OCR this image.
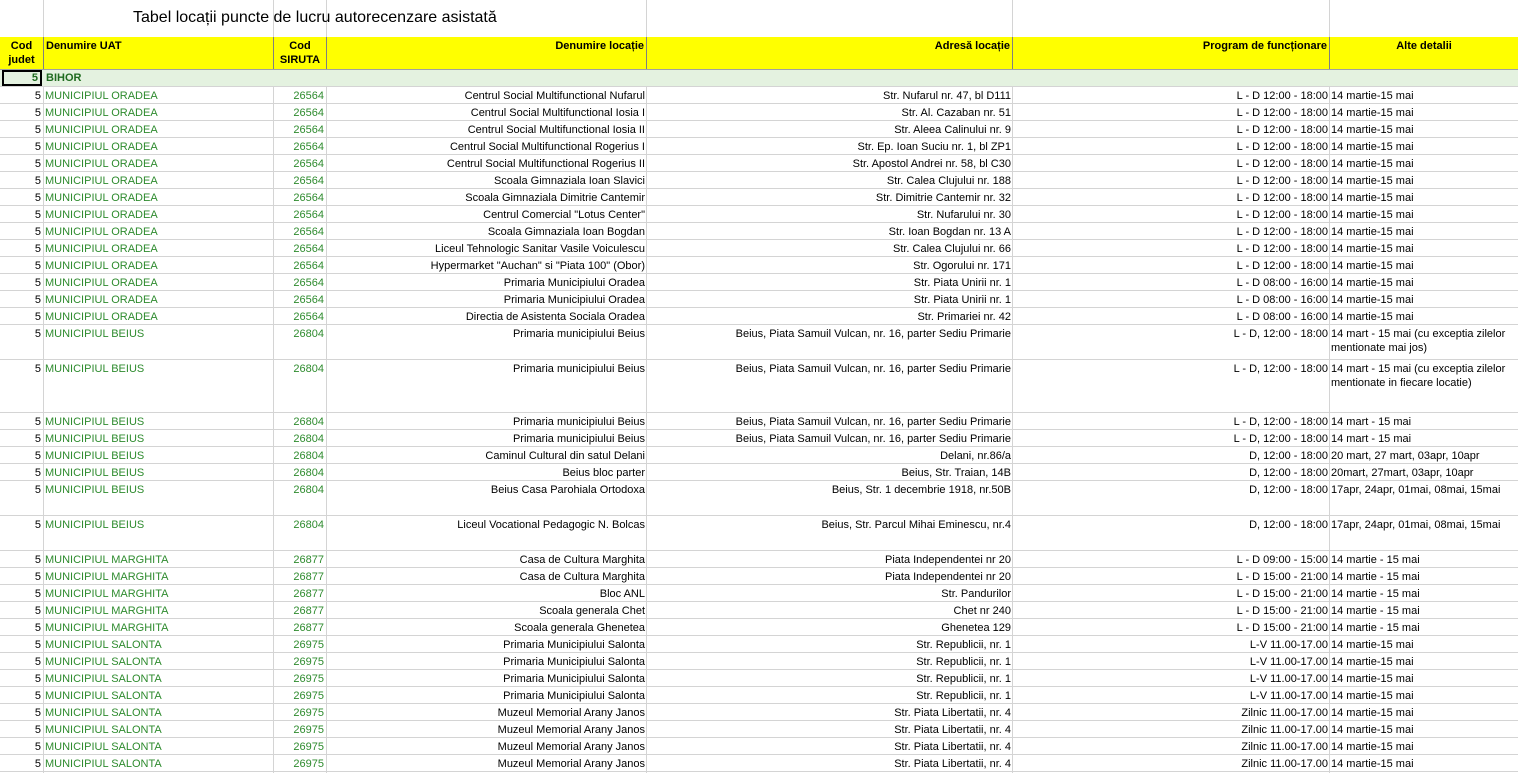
Tabel locații puncte de lucru autorecenzare asistată
Cod judet
Denumire UAT	Cod SIRUTA
Denumire locație	Adresă locație	Program de funcționare	Alte detalii
5 BIHOR
5 MUNICIPIUL ORADEA	26564	Centrul Social Multifunctional Nufarul	Str. Nufarul nr. 47, bl D111	L - D 12:00 - 18:00 14 martie-15 mai
5 MUNICIPIUL ORADEA	26564	Centrul Social Multifunctional Iosia I	Str. Al. Cazaban nr. 51	L - D 12:00 - 18:00 14 martie-15 mai
5 MUNICIPIUL ORADEA	26564	Centrul Social Multifunctional Iosia II	Str. Aleea Calinului nr. 9	L - D 12:00 - 18:00 14 martie-15 mai
5 MUNICIPIUL ORADEA	26564	Centrul Social Multifunctional Rogerius I	Str. Ep. Ioan Suciu nr. 1, bl ZP1	L - D 12:00 - 18:00 14 martie-15 mai
5 MUNICIPIUL ORADEA	26564	Centrul Social Multifunctional Rogerius II	Str. Apostol Andrei nr. 58, bl C30	L - D 12:00 - 18:00 14 martie-15 mai
5 MUNICIPIUL ORADEA	26564	Scoala Gimnaziala Ioan Slavici	Str. Calea Clujului nr. 188	L - D 12:00 - 18:00 14 martie-15 mai
5 MUNICIPIUL ORADEA	26564	Scoala Gimnaziala Dimitrie Cantemir	Str. Dimitrie Cantemir nr. 32	L - D 12:00 - 18:00 14 martie-15 mai
5 MUNICIPIUL ORADEA	26564	Centrul Comercial "Lotus Center"	Str. Nufarului nr. 30	L - D 12:00 - 18:00 14 martie-15 mai
5 MUNICIPIUL ORADEA	26564	Scoala Gimnaziala Ioan Bogdan	Str. Ioan Bogdan nr. 13 A	L - D 12:00 - 18:00 14 martie-15 mai
5 MUNICIPIUL ORADEA	26564	Liceul Tehnologic Sanitar Vasile Voiculescu	Str. Calea Clujului nr. 66	L - D 12:00 - 18:00 14 martie-15 mai
5 MUNICIPIUL ORADEA	26564	Hypermarket "Auchan" si "Piata 100" (Obor)	Str. Ogorului nr. 171	L - D 12:00 - 18:00 14 martie-15 mai
5 MUNICIPIUL ORADEA	26564	Primaria Municipiului Oradea	Str. Piata Unirii nr. 1	L - D 08:00 - 16:00 14 martie-15 mai
5 MUNICIPIUL ORADEA	26564	Primaria Municipiului Oradea	Str. Piata Unirii nr. 1	L - D 08:00 - 16:00 14 martie-15 mai
5 MUNICIPIUL ORADEA	26564	Directia de Asistenta Sociala Oradea	Str. Primariei nr. 42	L - D 08:00 - 16:00 14 martie-15 mai
5 MUNICIPIUL BEIUS	26804	Primaria municipiului Beius	Beius, Piata Samuil Vulcan, nr. 16, parter Sediu Primarie	L - D, 12:00 - 18:00 14 mart - 15 mai (cu exceptia zilelor mentionate mai jos)
5 MUNICIPIUL BEIUS	26804	Primaria municipiului Beius	Beius, Piata Samuil Vulcan, nr. 16, parter Sediu Primarie	L - D, 12:00 - 18:00 14 mart - 15 mai (cu exceptia zilelor mentionate in fiecare locatie)
5 MUNICIPIUL BEIUS	26804	Primaria municipiului Beius	Beius, Piata Samuil Vulcan, nr. 16, parter Sediu Primarie	L - D, 12:00 - 18:00 14 mart - 15 mai
5 MUNICIPIUL BEIUS	26804	Primaria municipiului Beius	Beius, Piata Samuil Vulcan, nr. 16, parter Sediu Primarie	L - D, 12:00 - 18:00 14 mart - 15 mai
5 MUNICIPIUL BEIUS	26804	Caminul Cultural din satul Delani	Delani, nr.86/a	D, 12:00 - 18:00 20 mart, 27 mart, 03apr, 10apr
5 MUNICIPIUL BEIUS	26804	Beius bloc parter	Beius, Str. Traian, 14B	D, 12:00 - 18:00 20mart, 27mart, 03apr, 10apr
5 MUNICIPIUL BEIUS	26804	Beius Casa Parohiala Ortodoxa	Beius, Str. 1 decembrie 1918, nr.50B	D, 12:00 - 18:00 17apr, 24apr, 01mai, 08mai, 15mai
5 MUNICIPIUL BEIUS	26804	Liceul Vocational Pedagogic N. Bolcas	Beius, Str. Parcul Mihai Eminescu, nr.4	D, 12:00 - 18:00 17apr, 24apr, 01mai, 08mai, 15mai
5 MUNICIPIUL MARGHITA	26877	Casa de Cultura Marghita	Piata Independentei nr 20	L - D 09:00 - 15:00 14 martie - 15 mai
5 MUNICIPIUL MARGHITA	26877	Casa de Cultura Marghita	Piata Independentei nr 20	L - D 15:00 - 21:00 14 martie - 15 mai
5 MUNICIPIUL MARGHITA	26877	Bloc ANL	Str. Pandurilor	L - D 15:00 - 21:00 14 martie - 15 mai
5 MUNICIPIUL MARGHITA	26877	Scoala generala Chet	Chet nr 240	L - D 15:00 - 21:00 14 martie - 15 mai
5 MUNICIPIUL MARGHITA	26877	Scoala generala Ghenetea	Ghenetea 129	L - D 15:00 - 21:00 14 martie - 15 mai
5 MUNICIPIUL SALONTA	26975	Primaria Municipiului Salonta	Str. Republicii, nr. 1	L-V 11.00-17.00 14 martie-15 mai
5 MUNICIPIUL SALONTA	26975	Primaria Municipiului Salonta	Str. Republicii, nr. 1	L-V 11.00-17.00 14 martie-15 mai
5 MUNICIPIUL SALONTA	26975	Primaria Municipiului Salonta	Str. Republicii, nr. 1	L-V 11.00-17.00 14 martie-15 mai
5 MUNICIPIUL SALONTA	26975	Primaria Municipiului Salonta	Str. Republicii, nr. 1	L-V 11.00-17.00 14 martie-15 mai
5 MUNICIPIUL SALONTA	26975	Muzeul Memorial Arany Janos	Str. Piata Libertatii, nr. 4	Zilnic 11.00-17.00 14 martie-15 mai
5 MUNICIPIUL SALONTA	26975	Muzeul Memorial Arany Janos	Str. Piata Libertatii, nr. 4	Zilnic 11.00-17.00 14 martie-15 mai
5 MUNICIPIUL SALONTA	26975	Muzeul Memorial Arany Janos	Str. Piata Libertatii, nr. 4	Zilnic 11.00-17.00 14 martie-15 mai
5 MUNICIPIUL SALONTA	26975	Muzeul Memorial Arany Janos	Str. Piata Libertatii, nr. 4	Zilnic 11.00-17.00 14 martie-15 mai
